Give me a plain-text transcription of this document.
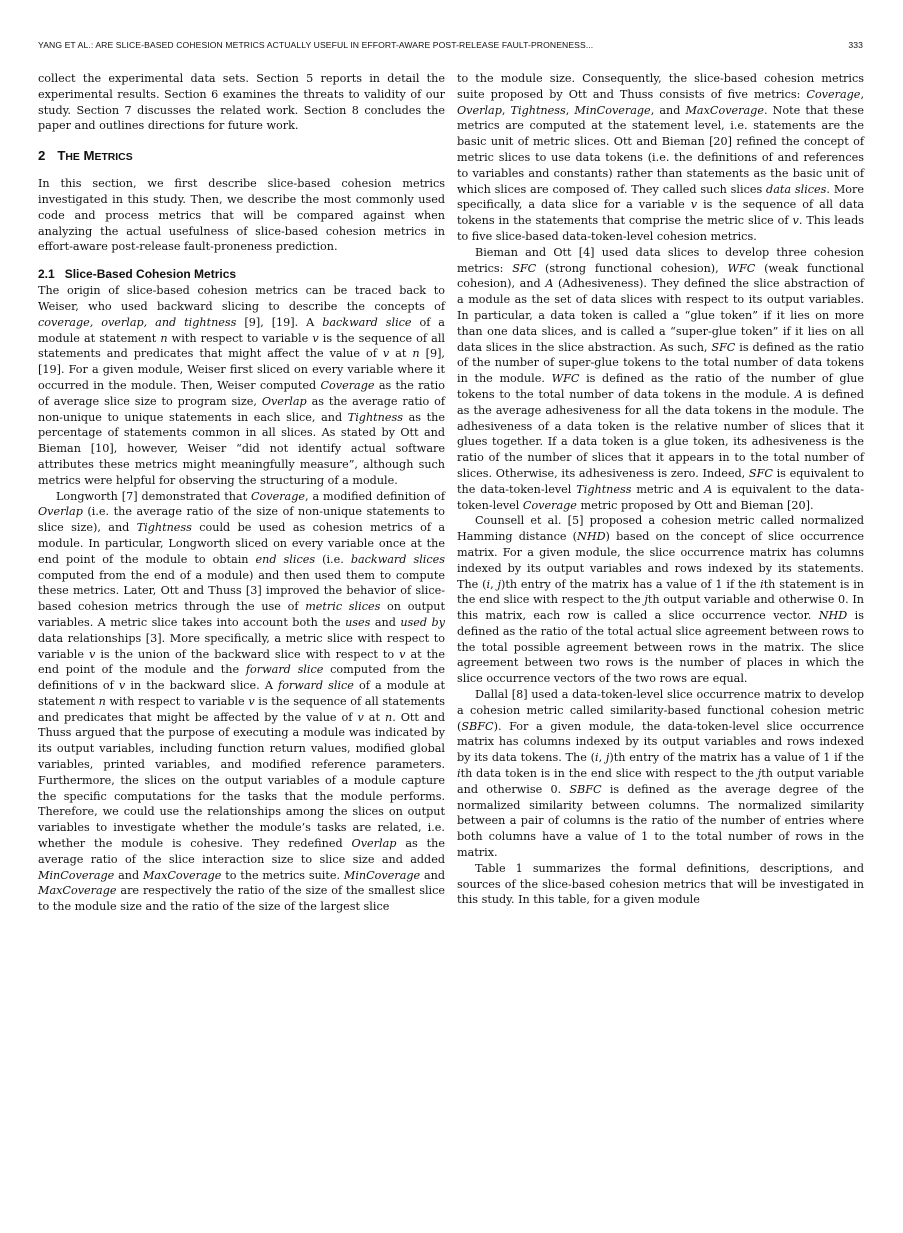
YANG ET AL.: ARE SLICE-BASED COHESION METRICS ACTUALLY USEFUL IN EFFORT-AWARE POST-RELEASE FAULT-PRONENESS...	333

collect the experimental data sets. Section 5 reports in detail the experimental results. Section 6 examines the threats to validity of our study. Section 7 discusses the related work. Section 8 concludes the paper and outlines directions for future work.

2 THE METRICS

In this section, we first describe slice-based cohesion metrics investigated in this study. Then, we describe the most commonly used code and process metrics that will be compared against when analyzing the actual usefulness of slice-based cohesion metrics in effort-aware post-release fault-proneness prediction.

2.1 Slice-Based Cohesion Metrics

The origin of slice-based cohesion metrics can be traced back to Weiser, who used backward slicing to describe the concepts of coverage, overlap, and tightness [9], [19]. A backward slice of a module at statement n with respect to variable v is the sequence of all statements and predicates that might affect the value of v at n [9], [19]. For a given module, Weiser first sliced on every variable where it occurred in the module. Then, Weiser computed Coverage as the ratio of average slice size to program size, Overlap as the average ratio of non-unique to unique statements in each slice, and Tightness as the percentage of statements common in all slices. As stated by Ott and Bieman [10], however, Weiser “did not identify actual software attributes these metrics might meaningfully measure”, although such metrics were helpful for observing the structuring of a module.

Longworth [7] demonstrated that Coverage, a modified definition of Overlap (i.e. the average ratio of the size of non-unique statements to slice size), and Tightness could be used as cohesion metrics of a module. In particular, Longworth sliced on every variable once at the end point of the module to obtain end slices (i.e. backward slices computed from the end of a module) and then used them to compute these metrics. Later, Ott and Thuss [3] improved the behavior of slice-based cohesion metrics through the use of metric slices on output variables. A metric slice takes into account both the uses and used by data relationships [3]. More specifically, a metric slice with respect to variable v is the union of the backward slice with respect to v at the end point of the module and the forward slice computed from the definitions of v in the backward slice. A forward slice of a module at statement n with respect to variable v is the sequence of all statements and predicates that might be affected by the value of v at n. Ott and Thuss argued that the purpose of executing a module was indicated by its output variables, including function return values, modified global variables, printed variables, and modified reference parameters. Furthermore, the slices on the output variables of a module capture the specific computations for the tasks that the module performs. Therefore, we could use the relationships among the slices on output variables to investigate whether the module’s tasks are related, i.e. whether the module is cohesive. They redefined Overlap as the average ratio of the slice interaction size to slice size and added MinCoverage and MaxCoverage to the metrics suite. MinCoverage and MaxCoverage are respectively the ratio of the size of the smallest slice to the module size and the ratio of the size of the largest slice

to the module size. Consequently, the slice-based cohesion metrics suite proposed by Ott and Thuss consists of five metrics: Coverage, Overlap, Tightness, MinCoverage, and MaxCoverage. Note that these metrics are computed at the statement level, i.e. statements are the basic unit of metric slices. Ott and Bieman [20] refined the concept of metric slices to use data tokens (i.e. the definitions of and references to variables and constants) rather than statements as the basic unit of which slices are composed of. They called such slices data slices. More specifically, a data slice for a variable v is the sequence of all data tokens in the statements that comprise the metric slice of v. This leads to five slice-based data-token-level cohesion metrics.

Bieman and Ott [4] used data slices to develop three cohesion metrics: SFC (strong functional cohesion), WFC (weak functional cohesion), and A (Adhesiveness). They defined the slice abstraction of a module as the set of data slices with respect to its output variables. In particular, a data token is called a “glue token” if it lies on more than one data slices, and is called a “super-glue token” if it lies on all data slices in the slice abstraction. As such, SFC is defined as the ratio of the number of super-glue tokens to the total number of data tokens in the module. WFC is defined as the ratio of the number of glue tokens to the total number of data tokens in the module. A is defined as the average adhesiveness for all the data tokens in the module. The adhesiveness of a data token is the relative number of slices that it glues together. If a data token is a glue token, its adhesiveness is the ratio of the number of slices that it appears in to the total number of slices. Otherwise, its adhesiveness is zero. Indeed, SFC is equivalent to the data-token-level Tightness metric and A is equivalent to the data-token-level Coverage metric proposed by Ott and Bieman [20].

Counsell et al. [5] proposed a cohesion metric called normalized Hamming distance (NHD) based on the concept of slice occurrence matrix. For a given module, the slice occurrence matrix has columns indexed by its output variables and rows indexed by its statements. The (i, j)th entry of the matrix has a value of 1 if the ith statement is in the end slice with respect to the jth output variable and otherwise 0. In this matrix, each row is called a slice occurrence vector. NHD is defined as the ratio of the total actual slice agreement between rows to the total possible agreement between rows in the matrix. The slice agreement between two rows is the number of places in which the slice occurrence vectors of the two rows are equal.

Dallal [8] used a data-token-level slice occurrence matrix to develop a cohesion metric called similarity-based functional cohesion metric (SBFC). For a given module, the data-token-level slice occurrence matrix has columns indexed by its output variables and rows indexed by its data tokens. The (i, j)th entry of the matrix has a value of 1 if the ith data token is in the end slice with respect to the jth output variable and otherwise 0. SBFC is defined as the average degree of the normalized similarity between columns. The normalized similarity between a pair of columns is the ratio of the number of entries where both columns have a value of 1 to the total number of rows in the matrix.

Table 1 summarizes the formal definitions, descriptions, and sources of the slice-based cohesion metrics that will be investigated in this study. In this table, for a given module
